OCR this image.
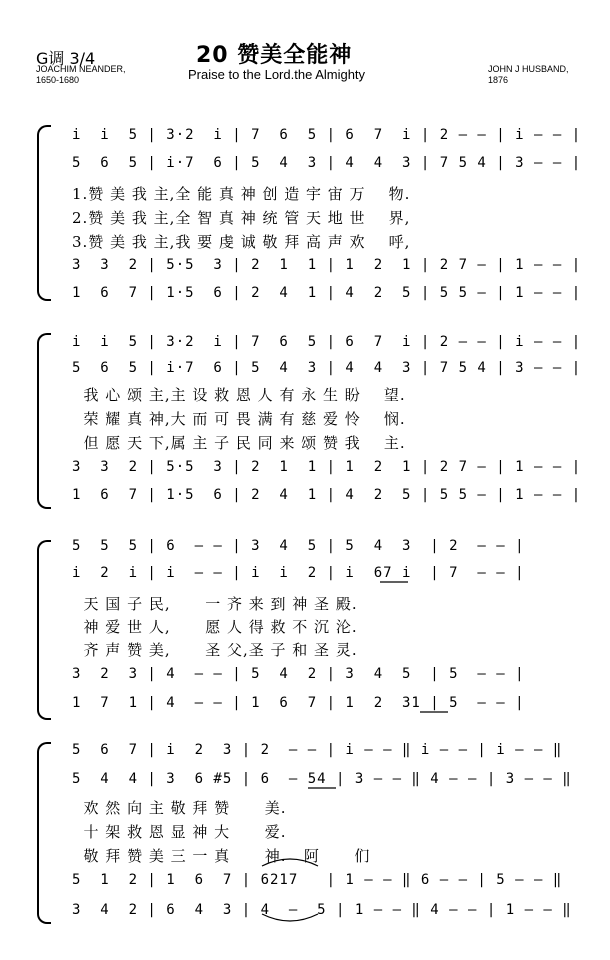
G调 3/4
JOACHIM NEANDER,
1650-1680
20 赞美全能神
Praise to the Lord.the Almighty	JOHN J HUSBAND,
1876
i  i  5 | 3·2  i | 7  6  5 | 6  7  i | 2 — — | i — — |
5  6  5 | i·7  6 | 5  4  3 | 4  4  3 | 7 5 4 | 3 — — |
1.赞 美 我 主,全 能 真 神 创 造 宇 宙 万    物.
2.赞 美 我 主,全 智 真 神 统 管 天 地 世    界,
3.赞 美 我 主,我 要 虔 诚 敬 拜 高 声 欢    呼,
3  3  2 | 5·5  3 | 2  1  1 | 1  2  1 | 2 7 — | 1 — — |
1  6  7 | 1·5  6 | 2  4  1 | 4  2  5 | 5 5 — | 1 — — |
i  i  5 | 3·2  i | 7  6  5 | 6  7  i | 2 — — | i — — |
5  6  5 | i·7  6 | 5  4  3 | 4  4  3 | 7 5 4 | 3 — — |
我 心 颂 主,主 设 救 恩 人 有 永 生 盼    望.
荣 耀 真 神,大 而 可 畏 满 有 慈 爱 怜    悯.
但 愿 天 下,属 主 子 民 同 来 颂 赞 我    主.
3  3  2 | 5·5  3 | 2  1  1 | 1  2  1 | 2 7 — | 1 — — |
1  6  7 | 1·5  6 | 2  4  1 | 4  2  5 | 5 5 — | 1 — — |
5  5  5 | 6  — — | 3  4  5 | 5  4  3  | 2  — — |
i  2  i | i  — — | i  i  2 | i  67 i  | 7  — — |
天 国 子 民,      一 齐 来 到 神 圣 殿.
神 爱 世 人,      愿 人 得 救 不 沉 沦.
齐 声 赞 美,      圣 父,圣 子 和 圣 灵.
3  2  3 | 4  — — | 5  4  2 | 3  4  5  | 5  — — |
1  7  1 | 4  — — | 1  6  7 | 1  2  31 | 5  — — |
5  6  7 | i  2  3 | 2  — — | i — — ‖ i — — | i — — ‖
5  4  4 | 3  6 #5 | 6  — 54 | 3 — — ‖ 4 — — | 3 — — ‖
欢 然 向 主 敬 拜 赞      美.
十 架 救 恩 显 神 大      爱.
敬 拜 赞 美 三 一 真      神.   阿      们
5  1  2 | 1  6  7 | 6217   | 1 — — ‖ 6 — — | 5 — — ‖
3  4  2 | 6  4  3 | 4  —  5 | 1 — — ‖ 4 — — | 1 — — ‖
